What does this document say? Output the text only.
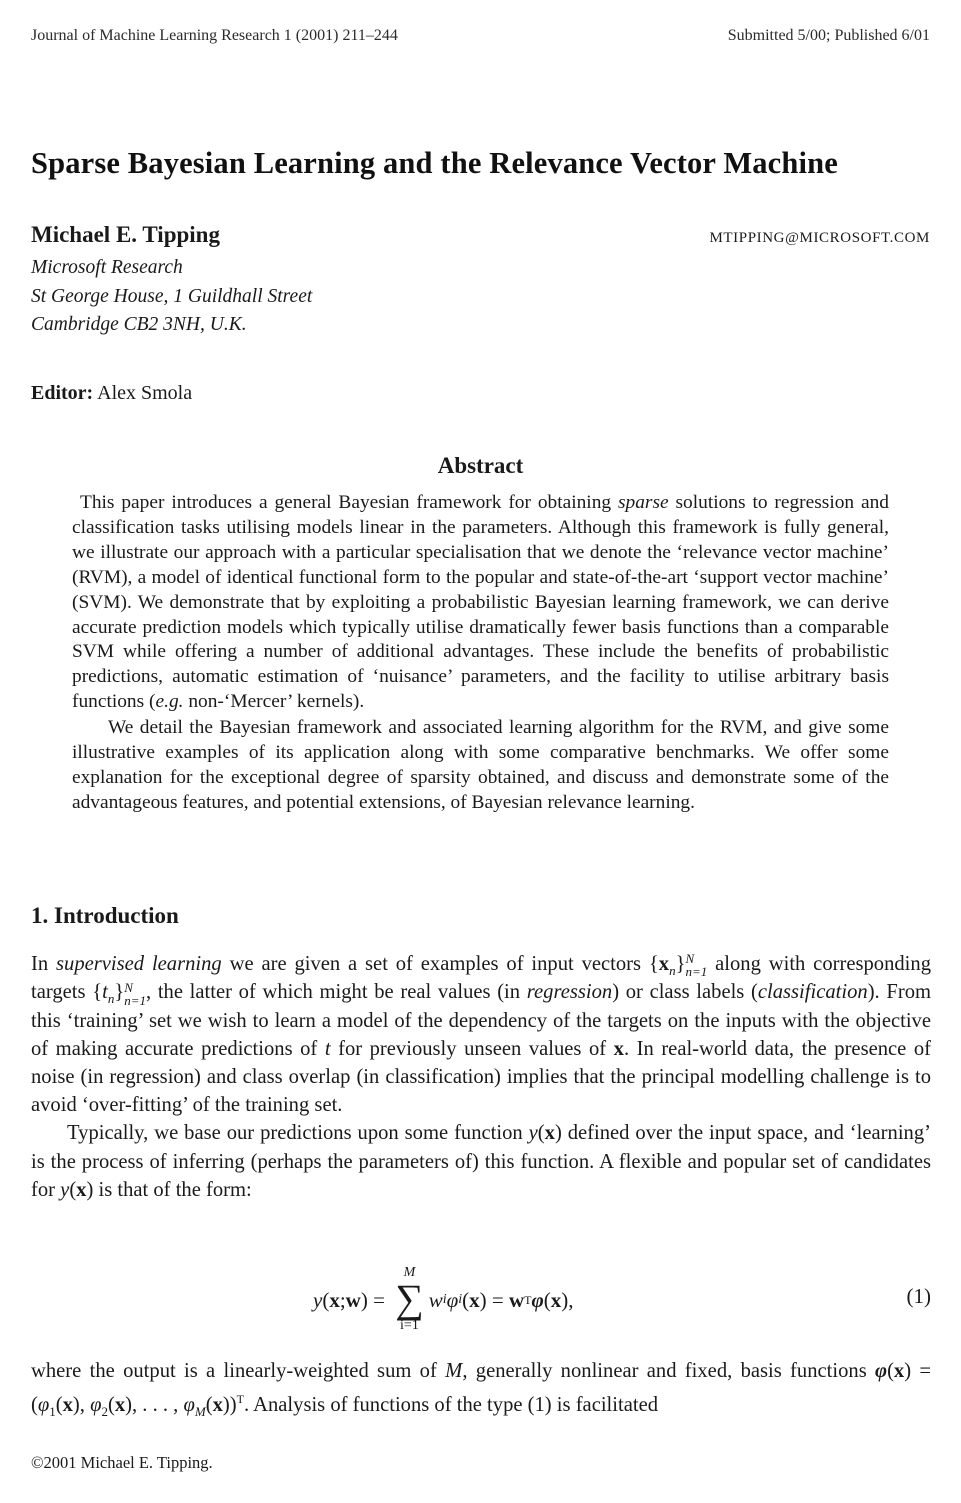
Journal of Machine Learning Research 1 (2001) 211–244	Submitted 5/00; Published 6/01
Sparse Bayesian Learning and the Relevance Vector Machine
Michael E. Tipping	MTIPPING@MICROSOFT.COM
Microsoft Research
St George House, 1 Guildhall Street
Cambridge CB2 3NH, U.K.
Editor: Alex Smola
Abstract

This paper introduces a general Bayesian framework for obtaining sparse solutions to regression and classification tasks utilising models linear in the parameters. Although this framework is fully general, we illustrate our approach with a particular specialisation that we denote the ‘relevance vector machine’ (RVM), a model of identical functional form to the popular and state-of-the-art ‘support vector machine’ (SVM). We demonstrate that by exploiting a probabilistic Bayesian learning framework, we can derive accurate prediction models which typically utilise dramatically fewer basis functions than a comparable SVM while offering a number of additional advantages. These include the benefits of probabilistic predictions, automatic estimation of ‘nuisance’ parameters, and the facility to utilise arbitrary basis functions (e.g. non-‘Mercer’ kernels).

We detail the Bayesian framework and associated learning algorithm for the RVM, and give some illustrative examples of its application along with some comparative benchmarks. We offer some explanation for the exceptional degree of sparsity obtained, and discuss and demonstrate some of the advantageous features, and potential extensions, of Bayesian relevance learning.

1. Introduction

In supervised learning we are given a set of examples of input vectors $\{x_n\}$ N
n=1 along with corresponding targets $\{t_n\}$ N
n=1 , the latter of which might be real values (in regression) or class labels (classification). From this ‘training’ set we wish to learn a model of the dependency of the targets on the inputs with the objective of making accurate predictions of t for previously unseen values of x. In real-world data, the presence of noise (in regression) and class overlap (in classification) implies that the principal modelling challenge is to avoid ‘over-fitting’ of the training set.

Typically, we base our predictions upon some function y(x) defined over the input space, and ‘learning’ is the process of inferring (perhaps the parameters of) this function. A flexible and popular set of candidates for y(x) is that of the form:

y ( x ; w ) =
M
∑
i=1
w i φ i ( x ) = w T φ ( x ),	(1)

where the output is a linearly-weighted sum of M, generally nonlinear and fixed, basis functions $\varphi(x) = (\varphi_1(x)$, $\varphi_2(x)$, . . . , $\varphi_M(x))^T$. Analysis of functions of the type (1) is facilitated

©2001 Michael E. Tipping.
